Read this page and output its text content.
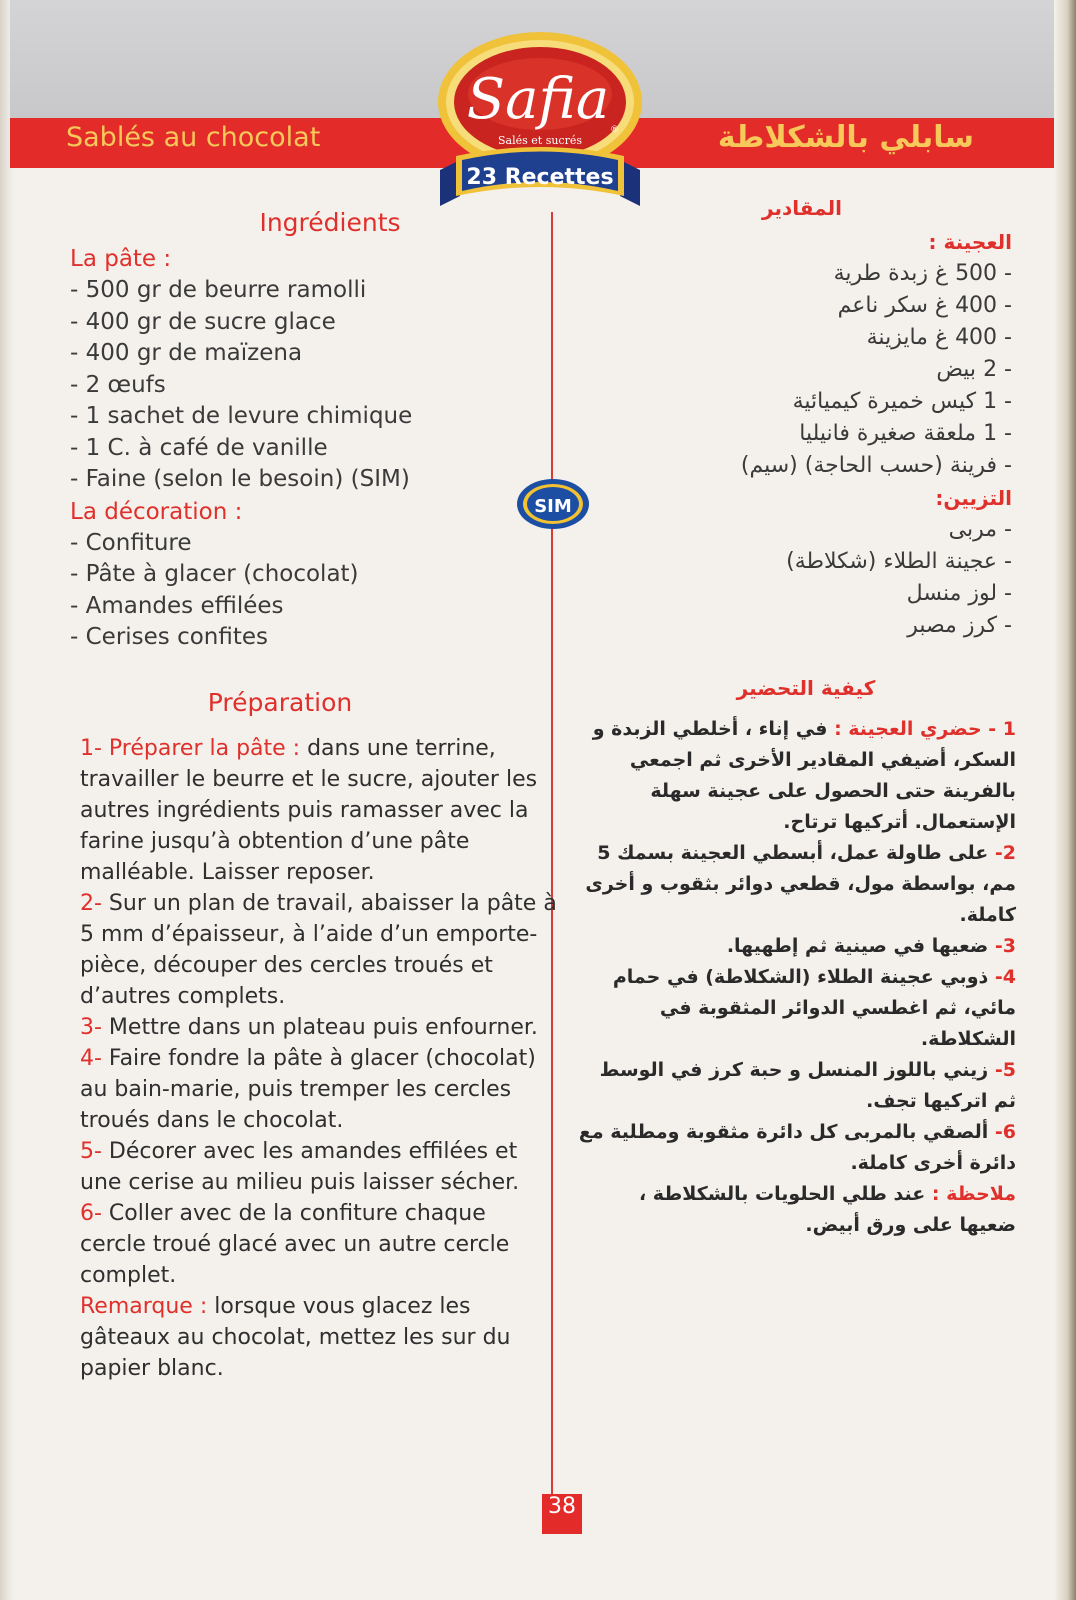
Sablés au chocolat	سابلي بالشكلاطة
Safia ®
Salés et sucrés
23 Recettes
SIM
Ingrédients
La pâte :
- 500 gr de beurre ramolli
- 400 gr de sucre glace
- 400 gr de maïzena
- 2 œufs
- 1 sachet de levure chimique
- 1 C. à café de vanille
- Faine (selon le besoin) (SIM)
La décoration :
- Confiture
- Pâte à glacer (chocolat)
- Amandes effilées
- Cerises confites
المقادير
العجينة :
- 500 غ زبدة طرية
- 400 غ سكر ناعم
- 400 غ مايزينة
- 2 بيض
- 1 كيس خميرة كيميائية
- 1 ملعقة صغيرة فانيليا
- فرينة (حسب الحاجة) (سيم)
التزيين:
- مربى
- عجينة الطلاء (شكلاطة)
- لوز منسل
- كرز مصبر
Préparation

1- Préparer la pâte : dans une terrine, travailler le beurre et le sucre, ajouter les autres ingrédients puis ramasser avec la farine jusqu’à obtention d’une pâte malléable. Laisser reposer.

2- Sur un plan de travail, abaisser la pâte à 5 mm d’épaisseur, à l’aide d’un emporte-pièce, découper des cercles troués et d’autres complets.

3- Mettre dans un plateau puis enfourner.

4- Faire fondre la pâte à glacer (chocolat) au bain-marie, puis tremper les cercles troués dans le chocolat.

5- Décorer avec les amandes effilées et une cerise au milieu puis laisser sécher.

6- Coller avec de la confiture chaque cercle troué glacé avec un autre cercle complet.

Remarque : lorsque vous glacez les gâteaux au chocolat, mettez les sur du papier blanc.

كيفية التحضير

1 - حضري العجينة : في إناء ، أخلطي الزبدة و السكر، أضيفي المقادير الأخرى ثم اجمعي بالفرينة حتى الحصول على عجينة سهلة الإستعمال. أتركيها ترتاح.

2- على طاولة عمل، أبسطي العجينة بسمك 5 مم، بواسطة مول، قطعي دوائر بثقوب و أخرى كاملة.

3- ضعيها في صينية ثم إطهيها.

4- ذوبي عجينة الطلاء (الشكلاطة) في حمام مائي، ثم اغطسي الدوائر المثقوبة في الشكلاطة.

5- زيني باللوز المنسل و حبة كرز في الوسط ثم اتركيها تجف.

6- ألصقي بالمربى كل دائرة مثقوبة ومطلية مع دائرة أخرى كاملة.

ملاحظة : عند طلي الحلويات بالشكلاطة ، ضعيها على ورق أبيض.

38
